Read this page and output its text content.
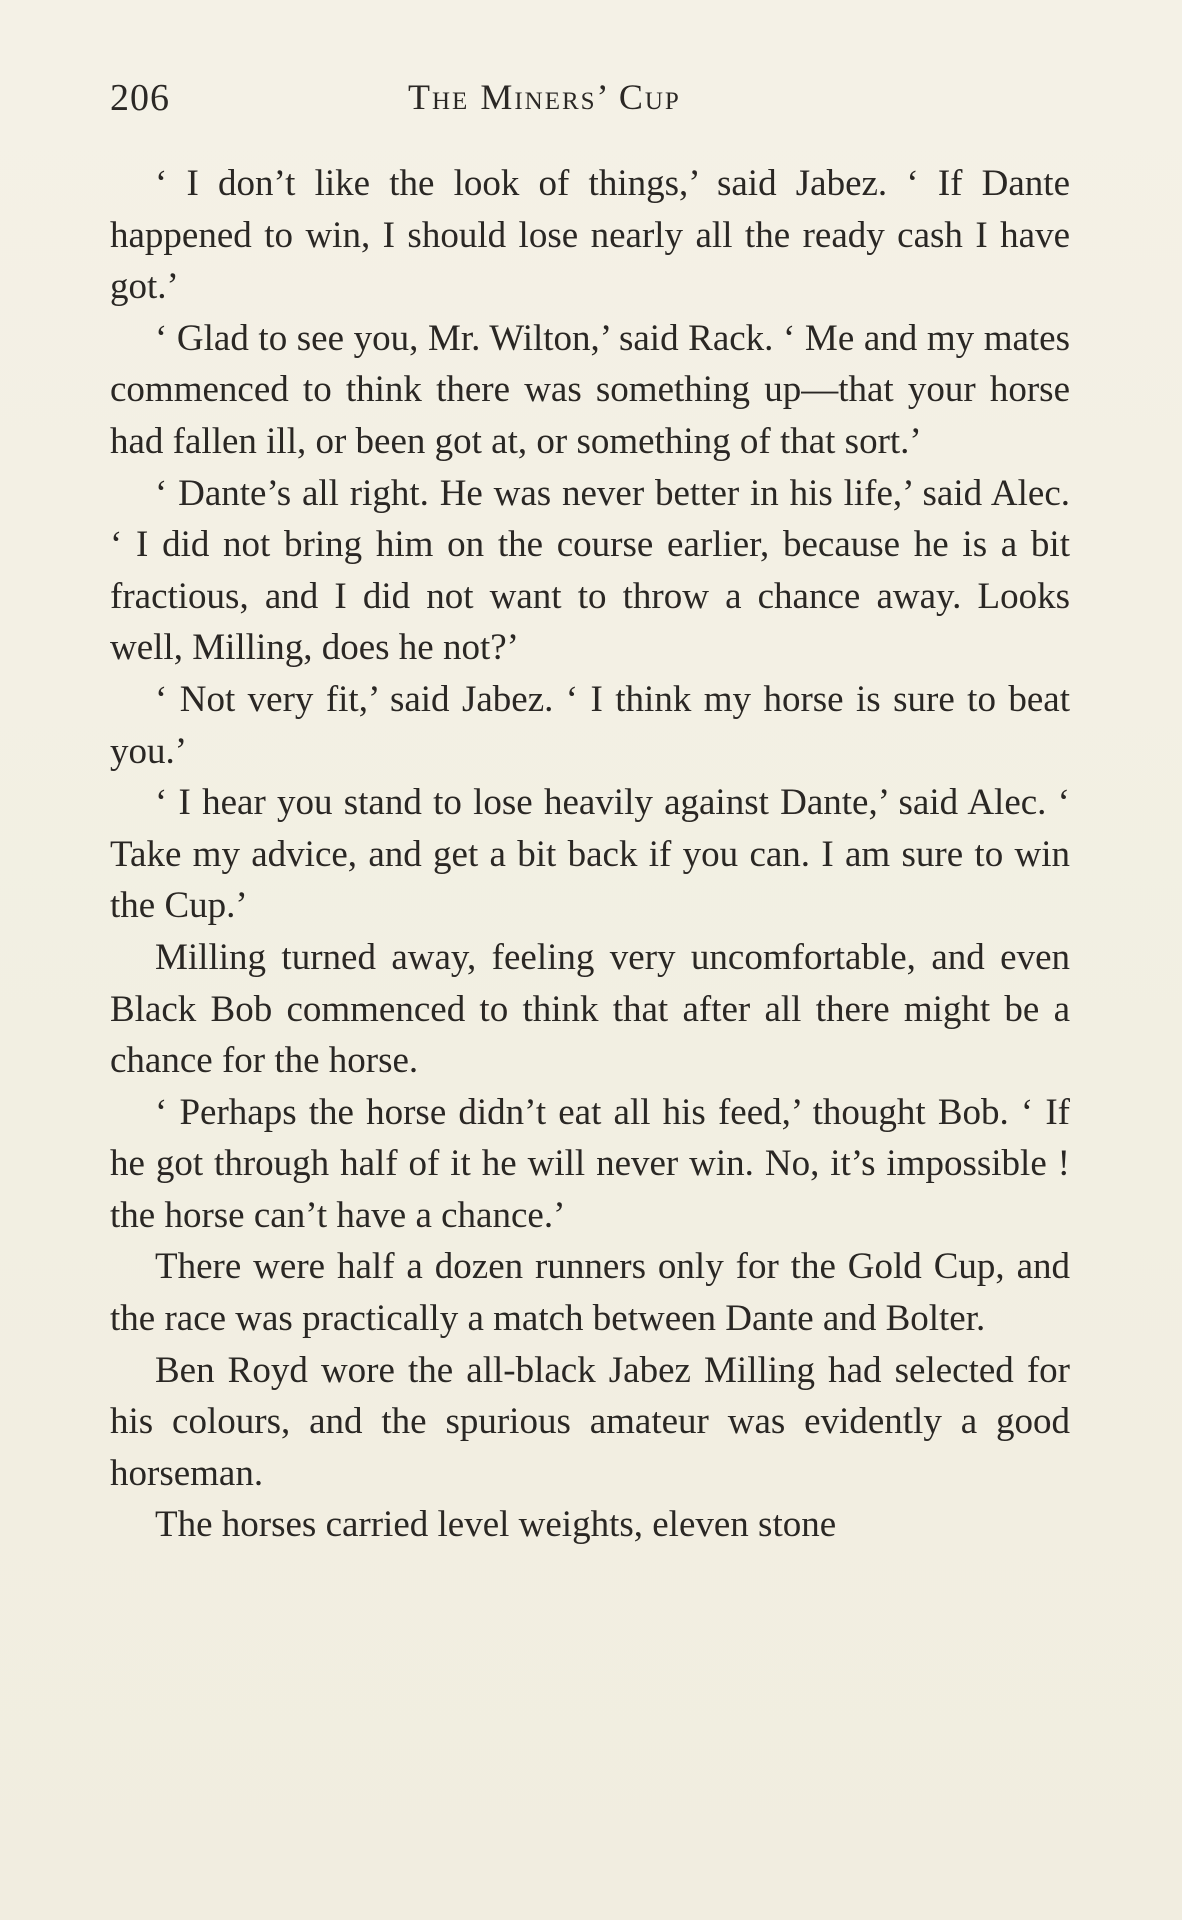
206	The Miners’ Cup

‘ I don’t like the look of things,’ said Jabez. ‘ If Dante happened to win, I should lose nearly all the ready cash I have got.’

‘ Glad to see you, Mr. Wilton,’ said Rack. ‘ Me and my mates commenced to think there was something up—that your horse had fallen ill, or been got at, or something of that sort.’

‘ Dante’s all right. He was never better in his life,’ said Alec. ‘ I did not bring him on the course earlier, because he is a bit fractious, and I did not want to throw a chance away. Looks well, Milling, does he not?’

‘ Not very fit,’ said Jabez. ‘ I think my horse is sure to beat you.’

‘ I hear you stand to lose heavily against Dante,’ said Alec. ‘ Take my advice, and get a bit back if you can. I am sure to win the Cup.’

Milling turned away, feeling very uncomfortable, and even Black Bob commenced to think that after all there might be a chance for the horse.

‘ Perhaps the horse didn’t eat all his feed,’ thought Bob. ‘ If he got through half of it he will never win. No, it’s impossible ! the horse can’t have a chance.’

There were half a dozen runners only for the Gold Cup, and the race was practically a match between Dante and Bolter.

Ben Royd wore the all-black Jabez Milling had selected for his colours, and the spurious amateur was evidently a good horseman.

The horses carried level weights, eleven stone
